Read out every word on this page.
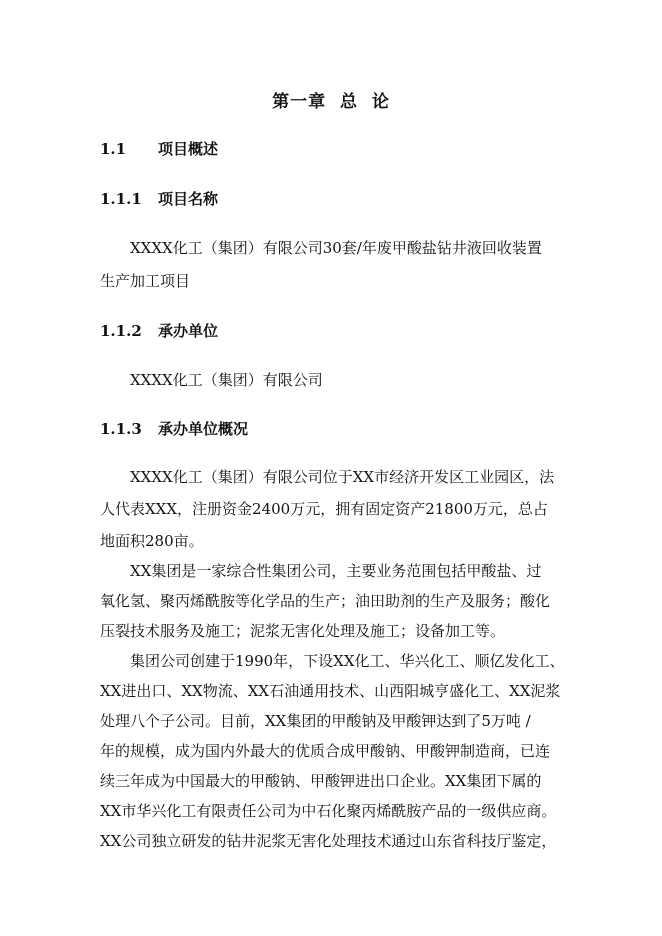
第一章  总  论
1.1 项目概述
1.1.1 项目名称
XXXX化工（集团）有限公司30套/年废甲酸盐钻井液回收装置
生产加工项目
1.1.2 承办单位
XXXX化工（集团）有限公司
1.1.3 承办单位概况
XXXX化工（集团）有限公司位于XX市经济开发区工业园区，法
人代表XXX，注册资金2400万元，拥有固定资产21800万元，总占
地面积280亩。
XX集团是一家综合性集团公司，主要业务范围包括甲酸盐、过
氧化氢、聚丙烯酰胺等化学品的生产；油田助剂的生产及服务；酸化
压裂技术服务及施工；泥浆无害化处理及施工；设备加工等。
集团公司创建于1990年，下设XX化工、华兴化工、顺亿发化工、
XX进出口、XX物流、XX石油通用技术、山西阳城亨盛化工、XX泥浆
处理八个子公司。目前，XX集团的甲酸钠及甲酸钾达到了5万吨 /
年的规模，成为国内外最大的优质合成甲酸钠、甲酸钾制造商，已连
续三年成为中国最大的甲酸钠、甲酸钾进出口企业。XX集团下属的
XX市华兴化工有限责任公司为中石化聚丙烯酰胺产品的一级供应商。
XX公司独立研发的钻井泥浆无害化处理技术通过山东省科技厅鉴定，
